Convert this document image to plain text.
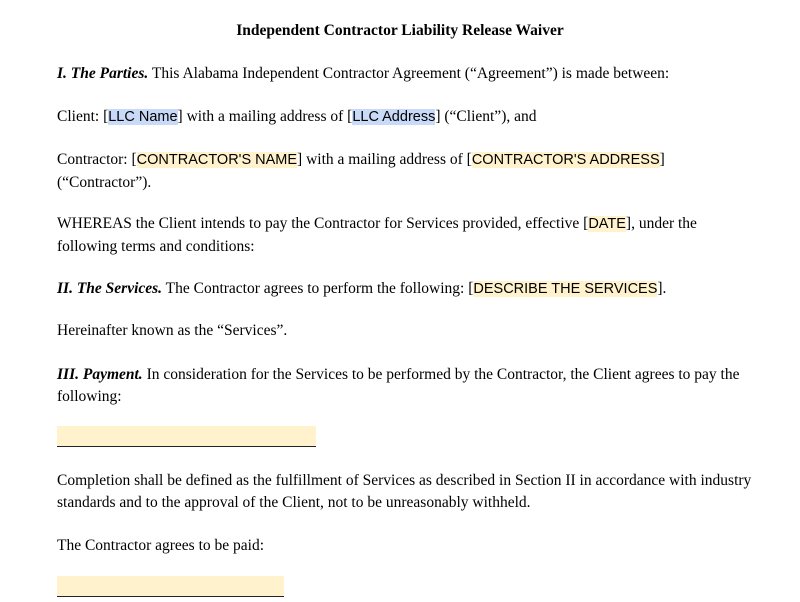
Independent Contractor Liability Release Waiver

I. The Parties. This Alabama Independent Contractor Agreement (“Agreement”) is made between:

Client: [LLC Name] with a mailing address of [LLC Address] (“Client”), and

Contractor: [CONTRACTOR'S NAME] with a mailing address of [CONTRACTOR'S ADDRESS] (“Contractor”).

WHEREAS the Client intends to pay the Contractor for Services provided, effective [DATE], under the following terms and conditions:

II. The Services. The Contractor agrees to perform the following: [DESCRIBE THE SERVICES].

Hereinafter known as the “Services”.

III. Payment. In consideration for the Services to be performed by the Contractor, the Client agrees to pay the following:

Completion shall be defined as the fulfillment of Services as described in Section II in accordance with industry standards and to the approval of the Client, not to be unreasonably withheld.

The Contractor agrees to be paid:
